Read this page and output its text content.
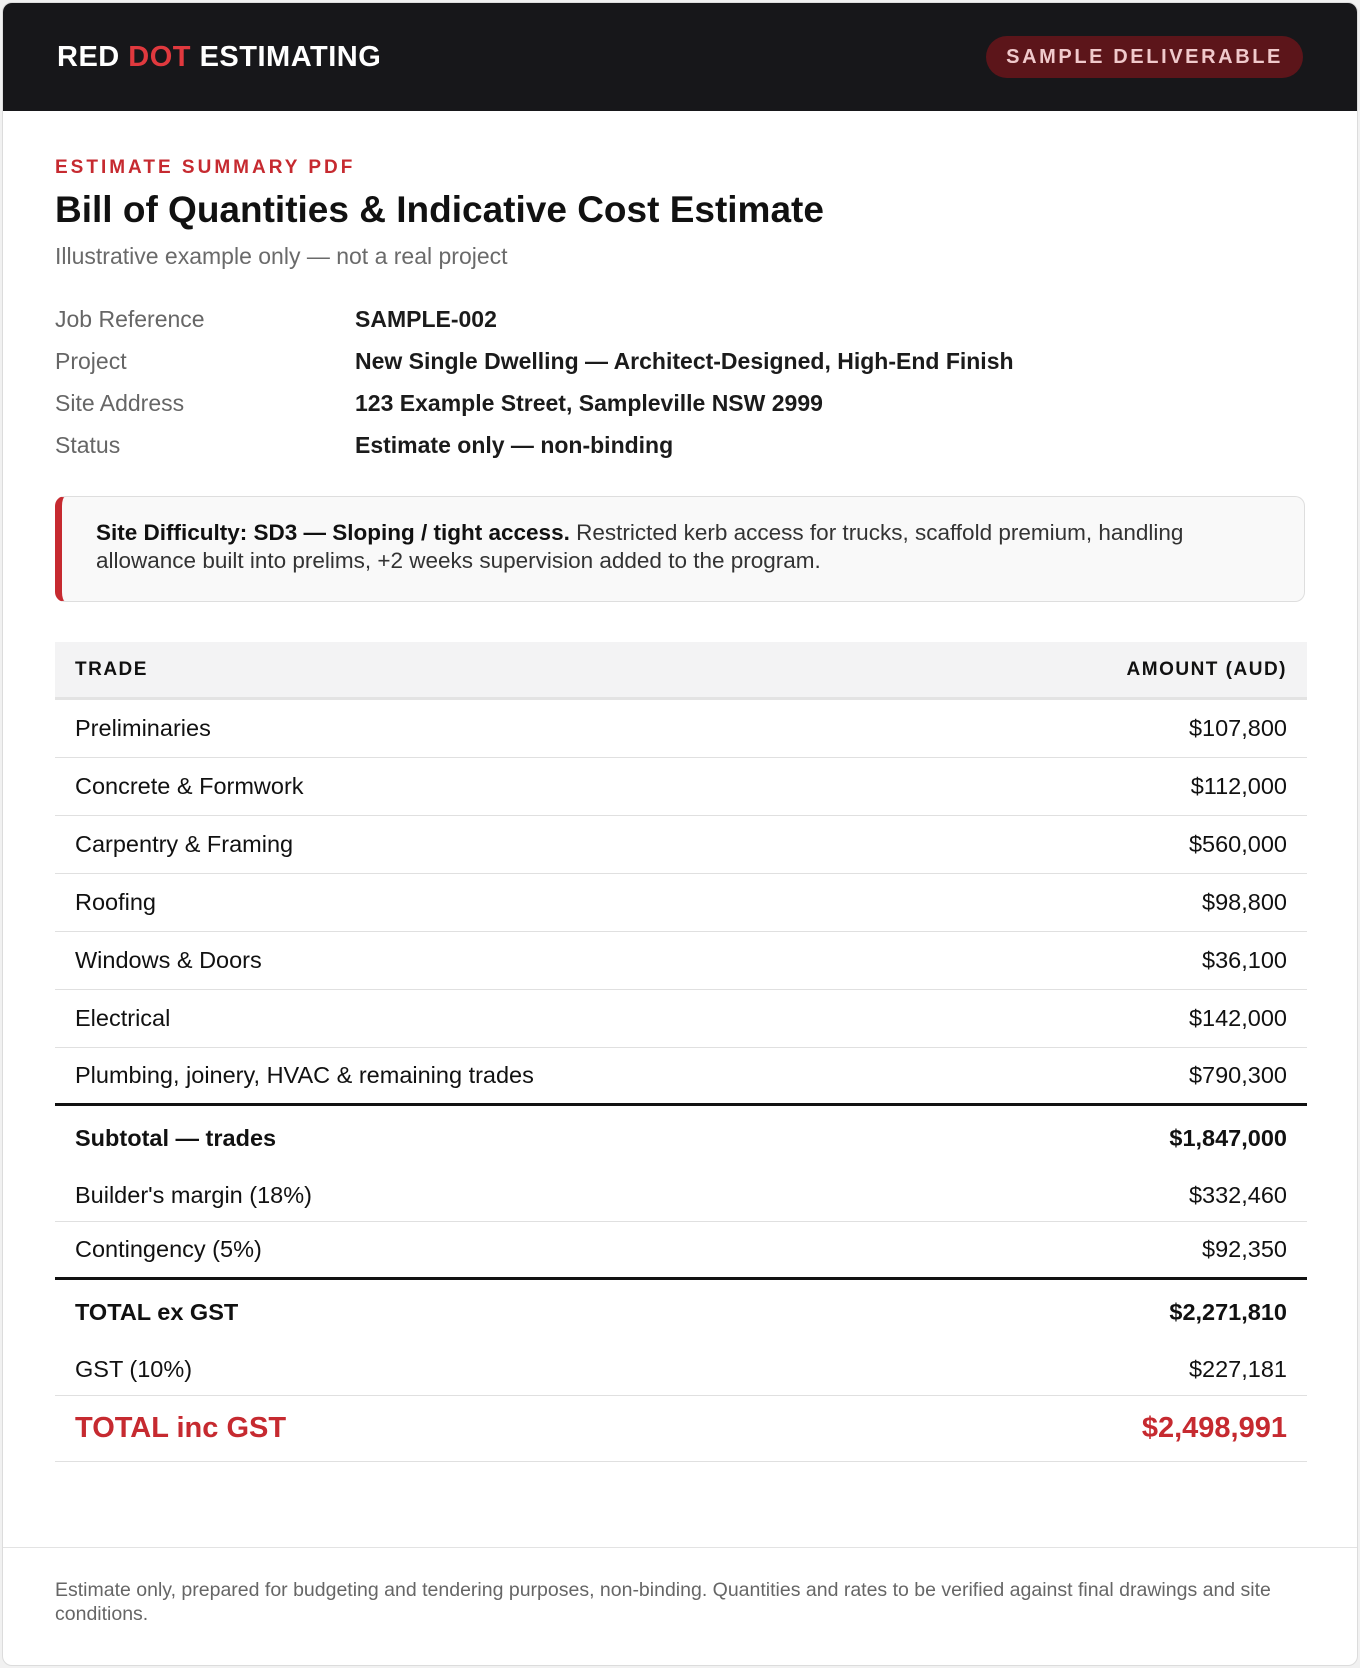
RED DOT ESTIMATING	SAMPLE DELIVERABLE
ESTIMATE SUMMARY PDF
Bill of Quantities & Indicative Cost Estimate
Illustrative example only — not a real project
Job Reference	SAMPLE-002
Project	New Single Dwelling — Architect-Designed, High-End Finish
Site Address	123 Example Street, Sampleville NSW 2999
Status	Estimate only — non-binding
Site Difficulty: SD3 — Sloping / tight access. Restricted kerb access for trucks, scaffold premium, handling allowance built into prelims, +2 weeks supervision added to the program.
TRADE	AMOUNT (AUD)
Preliminaries	$107,800
Concrete & Formwork	$112,000
Carpentry & Framing	$560,000
Roofing	$98,800
Windows & Doors	$36,100
Electrical	$142,000
Plumbing, joinery, HVAC & remaining trades	$790,300
Subtotal — trades	$1,847,000
Builder's margin (18%)	$332,460
Contingency (5%)	$92,350
TOTAL ex GST	$2,271,810
GST (10%)	$227,181
TOTAL inc GST	$2,498,991
Estimate only, prepared for budgeting and tendering purposes, non-binding. Quantities and rates to be verified against final drawings and site conditions.
